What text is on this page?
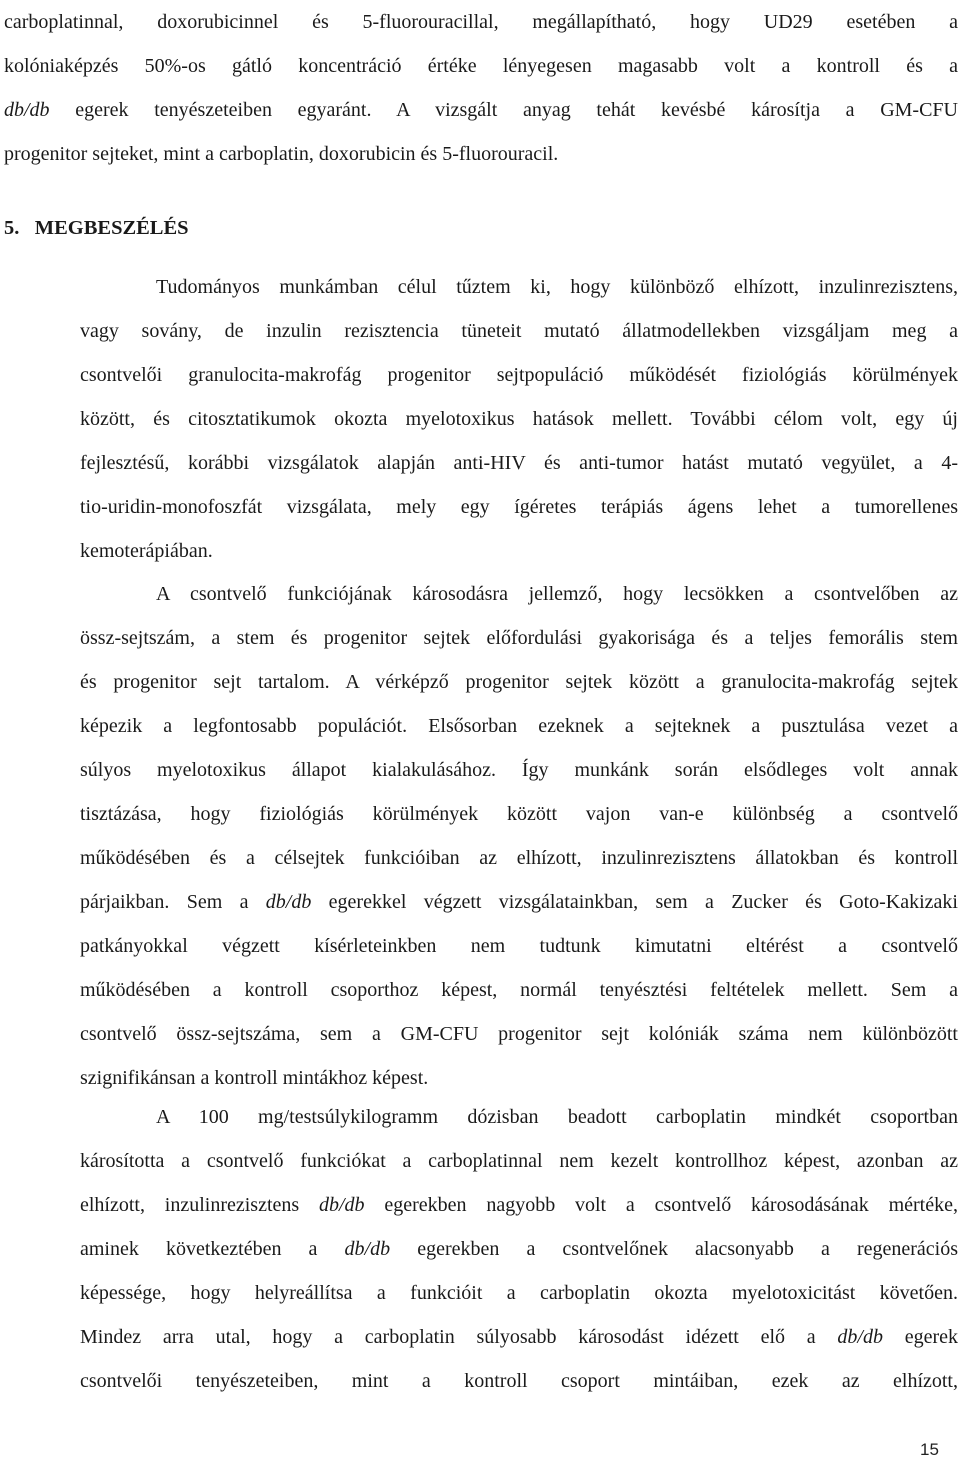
carboplatinnal, doxorubicinnel és 5-fluorouracillal, megállapítható, hogy UD29 esetében a
kolóniaképzés 50%-os gátló koncentráció értéke lényegesen magasabb volt a kontroll és a
db/db egerek tenyészeteiben egyaránt. A vizsgált anyag tehát kevésbé károsítja a GM-CFU
progenitor sejteket, mint a carboplatin, doxorubicin és 5-fluorouracil.
5.   MEGBESZÉLÉS
Tudományos munkámban célul tűztem ki, hogy különböző elhízott, inzulinrezisztens,
vagy sovány, de inzulin rezisztencia tüneteit mutató állatmodellekben vizsgáljam meg a
csontvelői granulocita-makrofág progenitor sejtpopuláció működését fiziológiás körülmények
között, és citosztatikumok okozta myelotoxikus hatások mellett. További célom volt, egy új
fejlesztésű, korábbi vizsgálatok alapján anti-HIV és anti-tumor hatást mutató vegyület, a 4-
tio-uridin-monofoszfát vizsgálata, mely egy ígéretes terápiás ágens lehet a tumorellenes
kemoterápiában.
A csontvelő funkciójának károsodásra jellemző, hogy lecsökken a csontvelőben az
össz-sejtszám, a stem és progenitor sejtek előfordulási gyakorisága és a teljes femorális stem
és progenitor sejt tartalom. A vérképző progenitor sejtek között a granulocita-makrofág sejtek
képezik a legfontosabb populációt. Elsősorban ezeknek a sejteknek a pusztulása vezet a
súlyos myelotoxikus állapot kialakulásához. Így munkánk során elsődleges volt annak
tisztázása, hogy fiziológiás körülmények között vajon van-e különbség a csontvelő
működésében és a célsejtek funkcióiban az elhízott, inzulinrezisztens állatokban és kontroll
párjaikban. Sem a db/db egerekkel végzett vizsgálatainkban, sem a Zucker és Goto-Kakizaki
patkányokkal végzett kísérleteinkben nem tudtunk kimutatni eltérést a csontvelő
működésében a kontroll csoporthoz képest, normál tenyésztési feltételek mellett. Sem a
csontvelő össz-sejtszáma, sem a GM-CFU progenitor sejt kolóniák száma nem különbözött
szignifikánsan a kontroll mintákhoz képest.
A 100 mg/testsúlykilogramm dózisban beadott carboplatin mindkét csoportban
károsította a csontvelő funkciókat a carboplatinnal nem kezelt kontrollhoz képest, azonban az
elhízott, inzulinrezisztens db/db egerekben nagyobb volt a csontvelő károsodásának mértéke,
aminek következtében a db/db egerekben a csontvelőnek alacsonyabb a regenerációs
képessége, hogy helyreállítsa a funkcióit a carboplatin okozta myelotoxicitást követően.
Mindez arra utal, hogy a carboplatin súlyosabb károsodást idézett elő a db/db egerek
csontvelői tenyészeteiben, mint a kontroll csoport mintáiban, ezek az elhízott,
15
